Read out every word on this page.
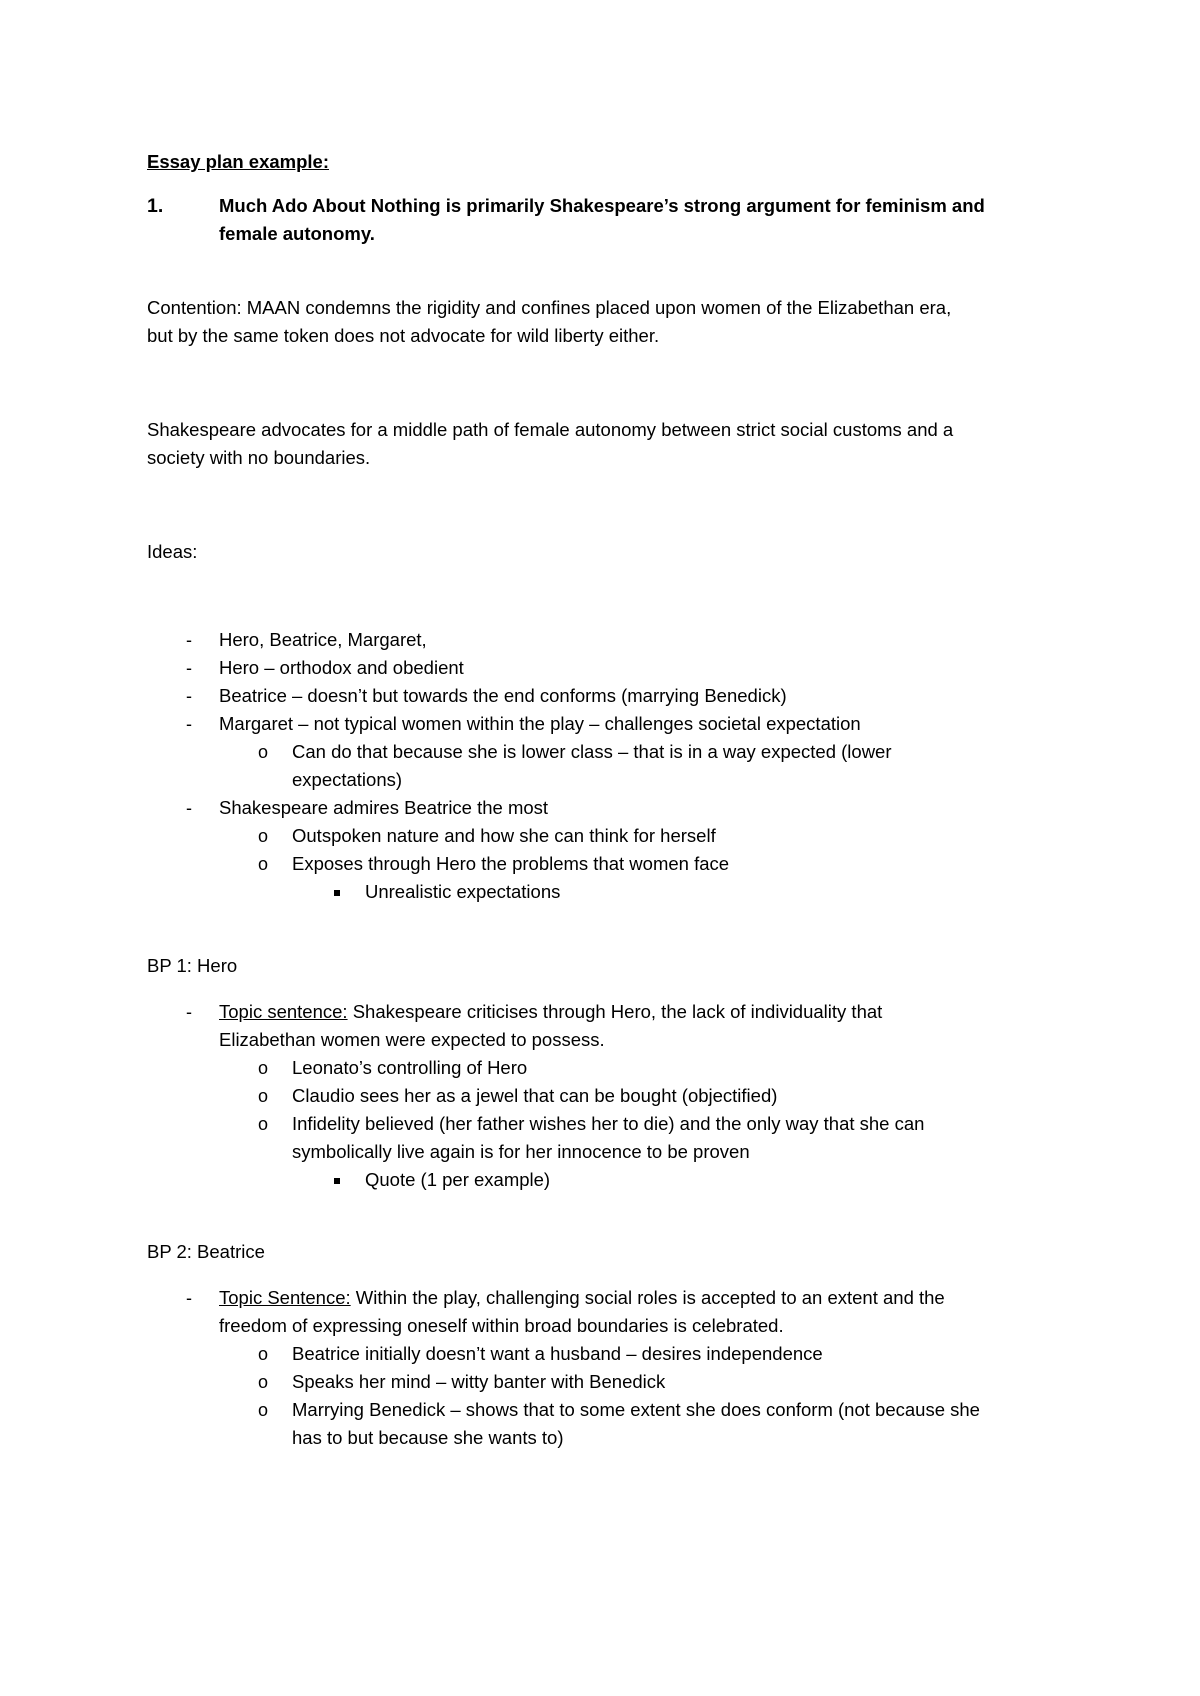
Essay plan example:
1.	Much Ado About Nothing is primarily Shakespeare’s strong argument for feminism and
female autonomy.
Contention: MAAN condemns the rigidity and confines placed upon women of the Elizabethan era,
but by the same token does not advocate for wild liberty either.
Shakespeare advocates for a middle path of female autonomy between strict social customs and a
society with no boundaries.
Ideas:
- Hero, Beatrice, Margaret,
- Hero – orthodox and obedient
- Beatrice – doesn’t but towards the end conforms (marrying Benedick)
- Margaret – not typical women within the play – challenges societal expectation
o Can do that because she is lower class – that is in a way expected (lower
expectations)
- Shakespeare admires Beatrice the most
o Outspoken nature and how she can think for herself
o Exposes through Hero the problems that women face
Unrealistic expectations
BP 1: Hero
- Topic sentence: Shakespeare criticises through Hero, the lack of individuality that
Elizabethan women were expected to possess.
o Leonato’s controlling of Hero
o Claudio sees her as a jewel that can be bought (objectified)
o Infidelity believed (her father wishes her to die) and the only way that she can
symbolically live again is for her innocence to be proven
Quote (1 per example)
BP 2: Beatrice
- Topic Sentence: Within the play, challenging social roles is accepted to an extent and the
freedom of expressing oneself within broad boundaries is celebrated.
o Beatrice initially doesn’t want a husband – desires independence
o Speaks her mind – witty banter with Benedick
o Marrying Benedick – shows that to some extent she does conform (not because she
has to but because she wants to)
